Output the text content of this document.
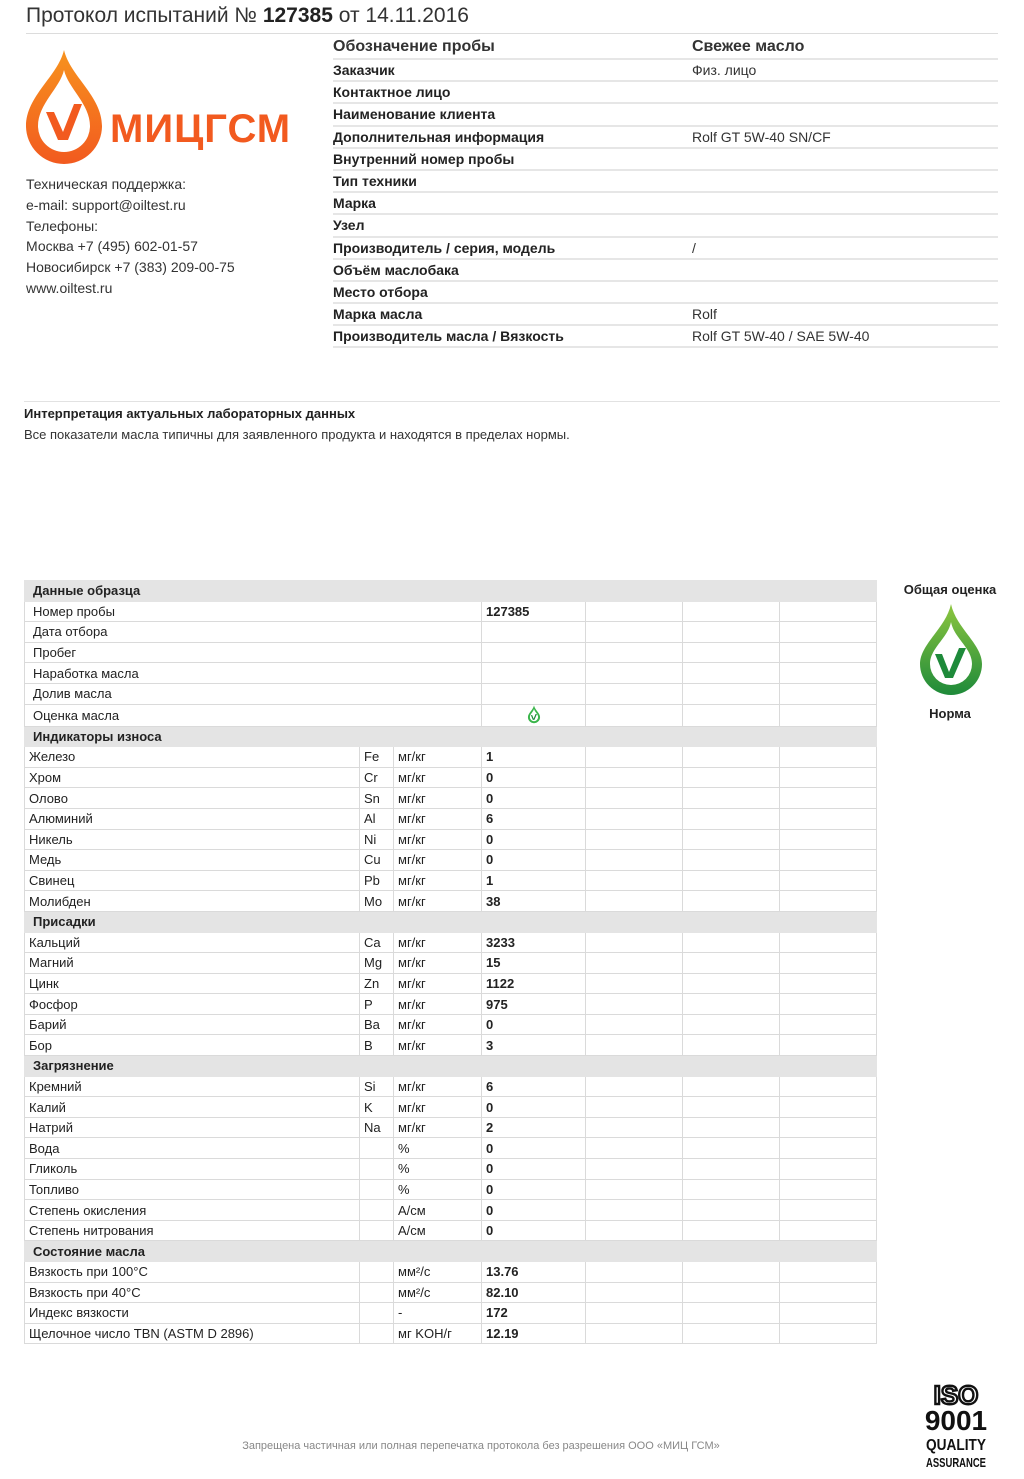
Протокол испытаний № 127385 от 14.11.2016
МИЦГСМ
Техническая поддержка:
e-mail: support@oiltest.ru
Телефоны:
Москва +7 (495) 602-01-57
Новосибирск +7 (383) 209-00-75
www.oiltest.ru
Обозначение пробы	Свежее масло
Заказчик	Физ. лицо
Контактное лицо
Наименование клиента
Дополнительная информация	Rolf GT 5W-40 SN/CF
Внутренний номер пробы
Тип техники
Марка
Узел
Производитель / серия, модель	/
Объём маслобака
Место отбора
Марка масла	Rolf
Производитель масла / Вязкость	Rolf GT 5W-40 / SAE 5W-40
Интерпретация актуальных лабораторных данных
Все показатели масла типичны для заявленного продукта и находятся в пределах нормы.
Данные образца						
Номер пробы			127385			
Дата отбора						
Пробег						
Наработка масла						
Долив масла						
Оценка масла				
Индикаторы износа						
Железо	Fe	мг/кг	1			
Хром	Cr	мг/кг	0			
Олово	Sn	мг/кг	0			
Алюминий	Al	мг/кг	6			
Никель	Ni	мг/кг	0			
Медь	Cu	мг/кг	0			
Свинец	Pb	мг/кг	1			
Молибден	Mo	мг/кг	38			
Присадки						
Кальций	Ca	мг/кг	3233			
Магний	Mg	мг/кг	15			
Цинк	Zn	мг/кг	1122			
Фосфор	P	мг/кг	975			
Барий	Ba	мг/кг	0			
Бор	B	мг/кг	3			
Загрязнение						
Кремний	Si	мг/кг	6			
Калий	K	мг/кг	0			
Натрий	Na	мг/кг	2			
Вода		%	0			
Гликоль		%	0			
Топливо		%	0			
Степень окисления		A/см	0			
Степень нитрования		A/см	0			
Состояние масла						
Вязкость при 100°C		мм²/с	13.76			
Вязкость при 40°C		мм²/с	82.10			
Индекс вязкости		-	172			
Щелочное число TBN (ASTM D 2896)		мг KOH/г	12.19			
Общая оценка
Норма
Запрещена частичная или полная перепечатка протокола без разрешения ООО «МИЦ ГСМ»
ISO
9001
QUALITY
ASSURANCE
